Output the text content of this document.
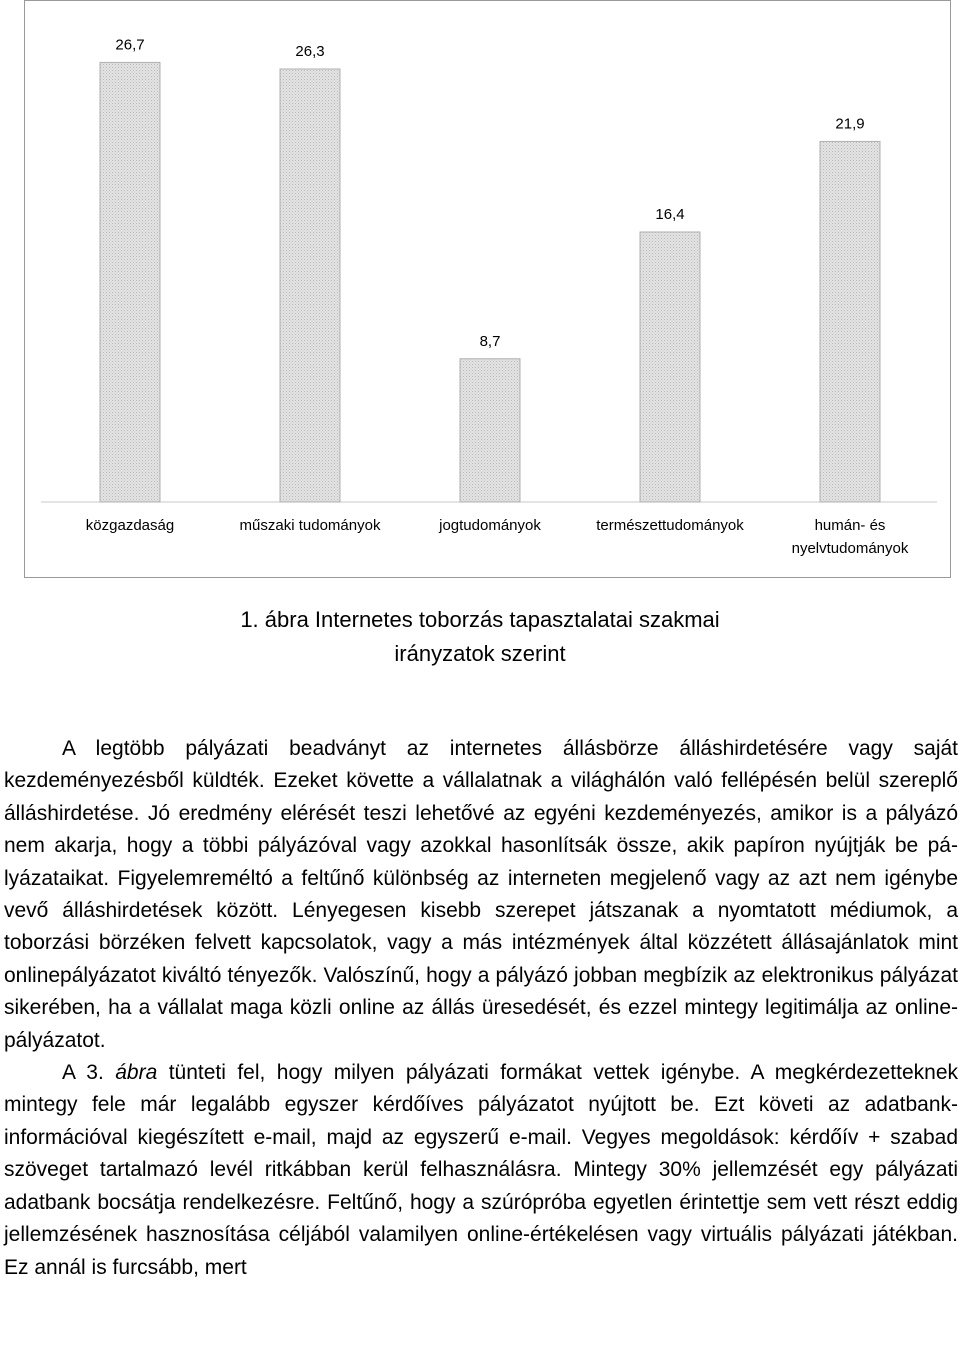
26,7
közgazdaság
26,3
műszaki tudományok
8,7
jogtudományok
16,4
természettudományok
21,9
humán- és nyelvtudományok
1. ábra Internetes toborzás tapasztalatai szakmai
irányzatok szerint

A legtöbb pályázati beadványt az internetes állásbörze álláshirdetésére vagy saját kezdeményezésből küldték. Ezeket követte a vállalatnak a világhálón való fellépésén belül szereplő álláshirdetése. Jó eredmény elérését teszi lehetővé az egyéni kezdeményezés, amikor is a pályázó nem akarja, hogy a többi pályázóval vagy azokkal hasonlítsák össze, akik papíron nyújtják be pályázataikat. Figyelemreméltó a feltűnő különbség az interneten megjelenő vagy az azt nem igénybe vevő álláshirdetések között. Lényegesen kisebb szerepet játszanak a nyomtatott médiumok, a toborzási börzéken felvett kapcsolatok, vagy a más intézmények által közzétett állásajánlatok mint onlinepályázatot kiváltó tényezők. Valószínű, hogy a pályázó jobban megbízik az elektronikus pályázat sikerében, ha a vállalat maga közli online az állás üresedését, és ezzel mintegy legitimálja az online-pályázatot.

A 3. ábra tünteti fel, hogy milyen pályázati formákat vettek igénybe. A megkérdezetteknek mintegy fele már legalább egyszer kérdőíves pályázatot nyújtott be. Ezt követi az adatbank-információval kiegészített e-mail, majd az egyszerű e-mail. Vegyes megoldások: kérdőív + szabad szöveget tartalmazó levél ritkábban kerül felhasználásra. Mintegy 30% jellemzését egy pályázati adatbank bocsátja rendelkezésre. Feltűnő, hogy a szúrópróba egyetlen érintettje sem vett részt eddig jellemzésének hasznosítása céljából valamilyen online-értékelésen vagy virtuális pályázati játékban. Ez annál is furcsább, mert
